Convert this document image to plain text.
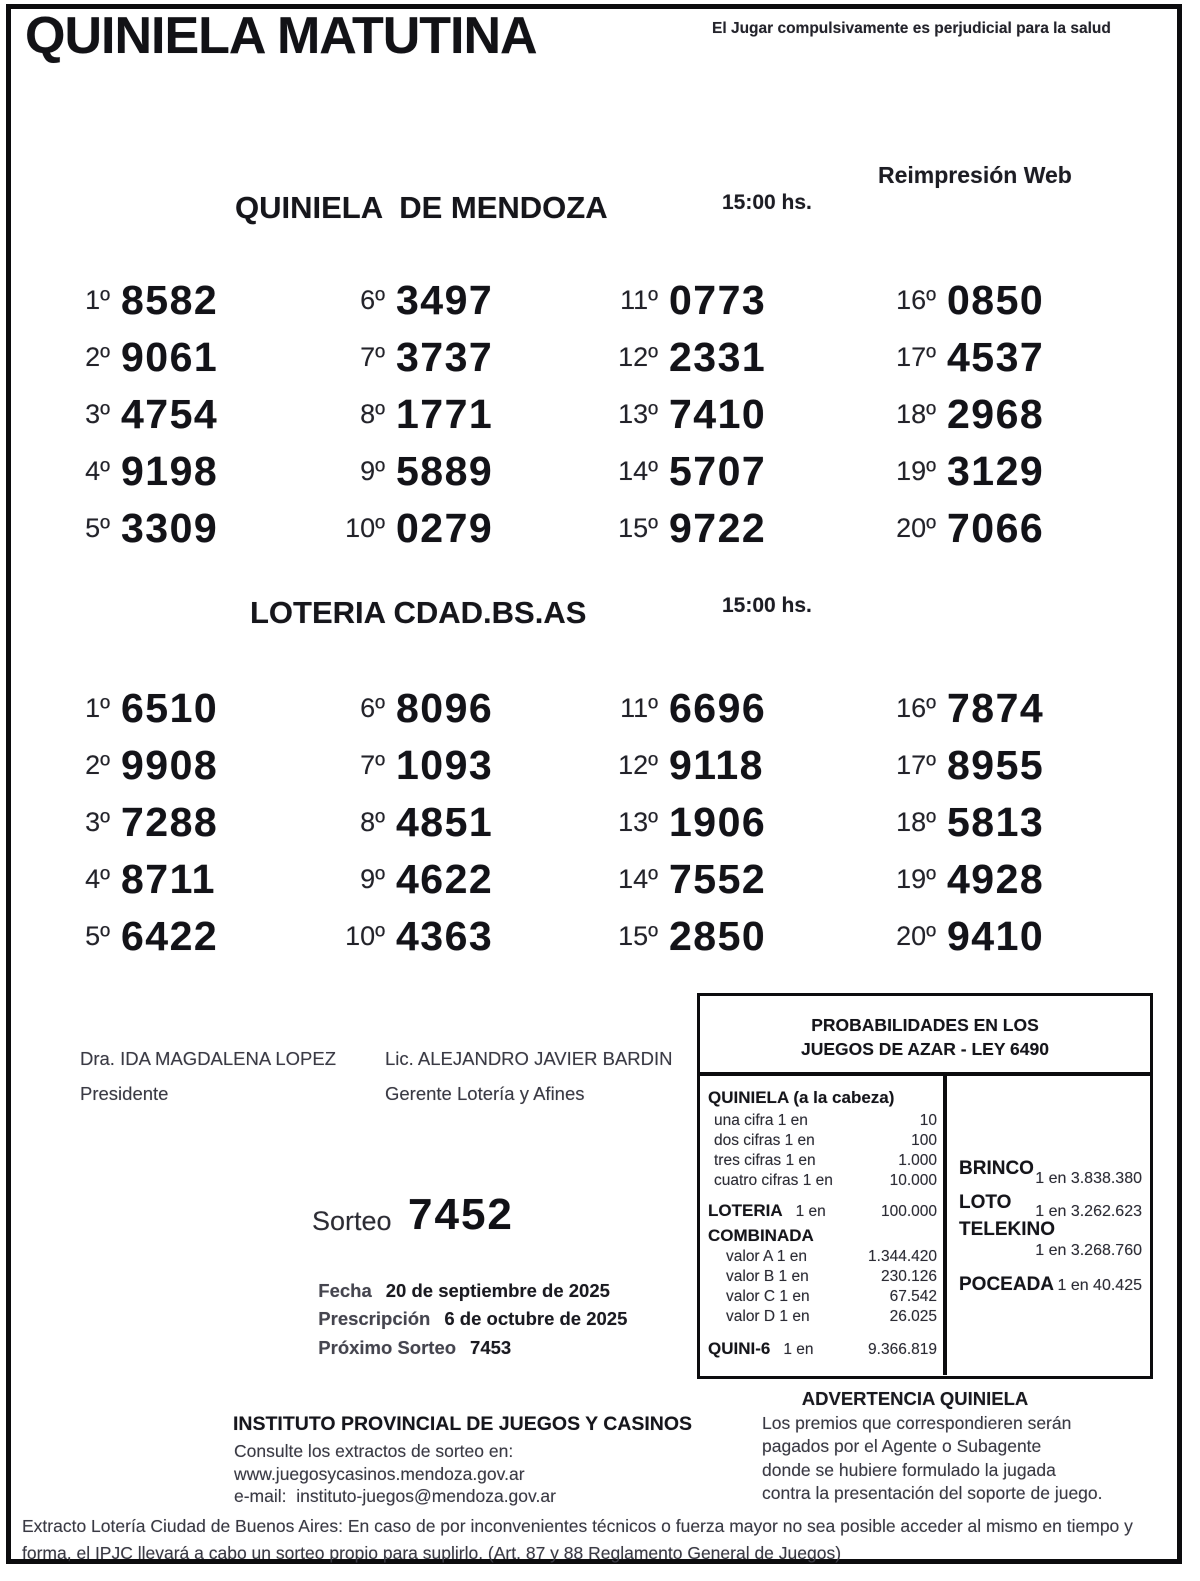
QUINIELA MATUTINA	El Jugar compulsivamente es perjudicial para la salud
Reimpresión Web
QUINIELA  DE MENDOZA	15:00 hs.
1º 8582
2º 9061
3º 4754
4º 9198
5º 3309
6º 3497
7º 3737
8º 1771
9º 5889
10º 0279
11º 0773
12º 2331
13º 7410
14º 5707
15º 9722
16º 0850
17º 4537
18º 2968
19º 3129
20º 7066
LOTERIA CDAD.BS.AS	15:00 hs.
1º 6510
2º 9908
3º 7288
4º 8711
5º 6422
6º 8096
7º 1093
8º 4851
9º 4622
10º 4363
11º 6696
12º 9118
13º 1906
14º 7552
15º 2850
16º 7874
17º 8955
18º 5813
19º 4928
20º 9410
Dra. IDA MAGDALENA LOPEZ
Presidente
Lic. ALEJANDRO JAVIER BARDIN
Gerente Lotería y Afines
Sorteo 7452

Fecha 20 de septiembre de 2025

Prescripción 6 de octubre de 2025

Próximo Sorteo 7453

PROBABILIDADES EN LOS
JUEGOS DE AZAR - LEY 6490
QUINIELA (a la cabeza)
una cifra 1 en	10
dos cifras 1 en	100
tres cifras 1 en	1.000
cuatro cifras 1 en	10.000
LOTERIA 1 en	100.000
COMBINADA
valor A 1 en	1.344.420
valor B 1 en	230.126
valor C 1 en	67.542
valor D 1 en	26.025
QUINI-6 1 en	9.366.819
BRINCO 1 en 3.838.380
LOTO 1 en 3.262.623
TELEKINO
1 en 3.268.760
POCEADA 1 en 40.425
ADVERTENCIA QUINIELA
Los premios que correspondieren serán
pagados por el Agente o Subagente
donde se hubiere formulado la jugada
contra la presentación del soporte de juego.
INSTITUTO PROVINCIAL DE JUEGOS Y CASINOS
Consulte los extractos de sorteo en:
www.juegosycasinos.mendoza.gov.ar
e-mail:  instituto-juegos@mendoza.gov.ar
Extracto Lotería Ciudad de Buenos Aires: En caso de por inconvenientes técnicos o fuerza mayor no sea posible acceder al mismo en tiempo y
forma, el IPJC llevará a cabo un sorteo propio para suplirlo. (Art. 87 y 88 Reglamento General de Juegos)
